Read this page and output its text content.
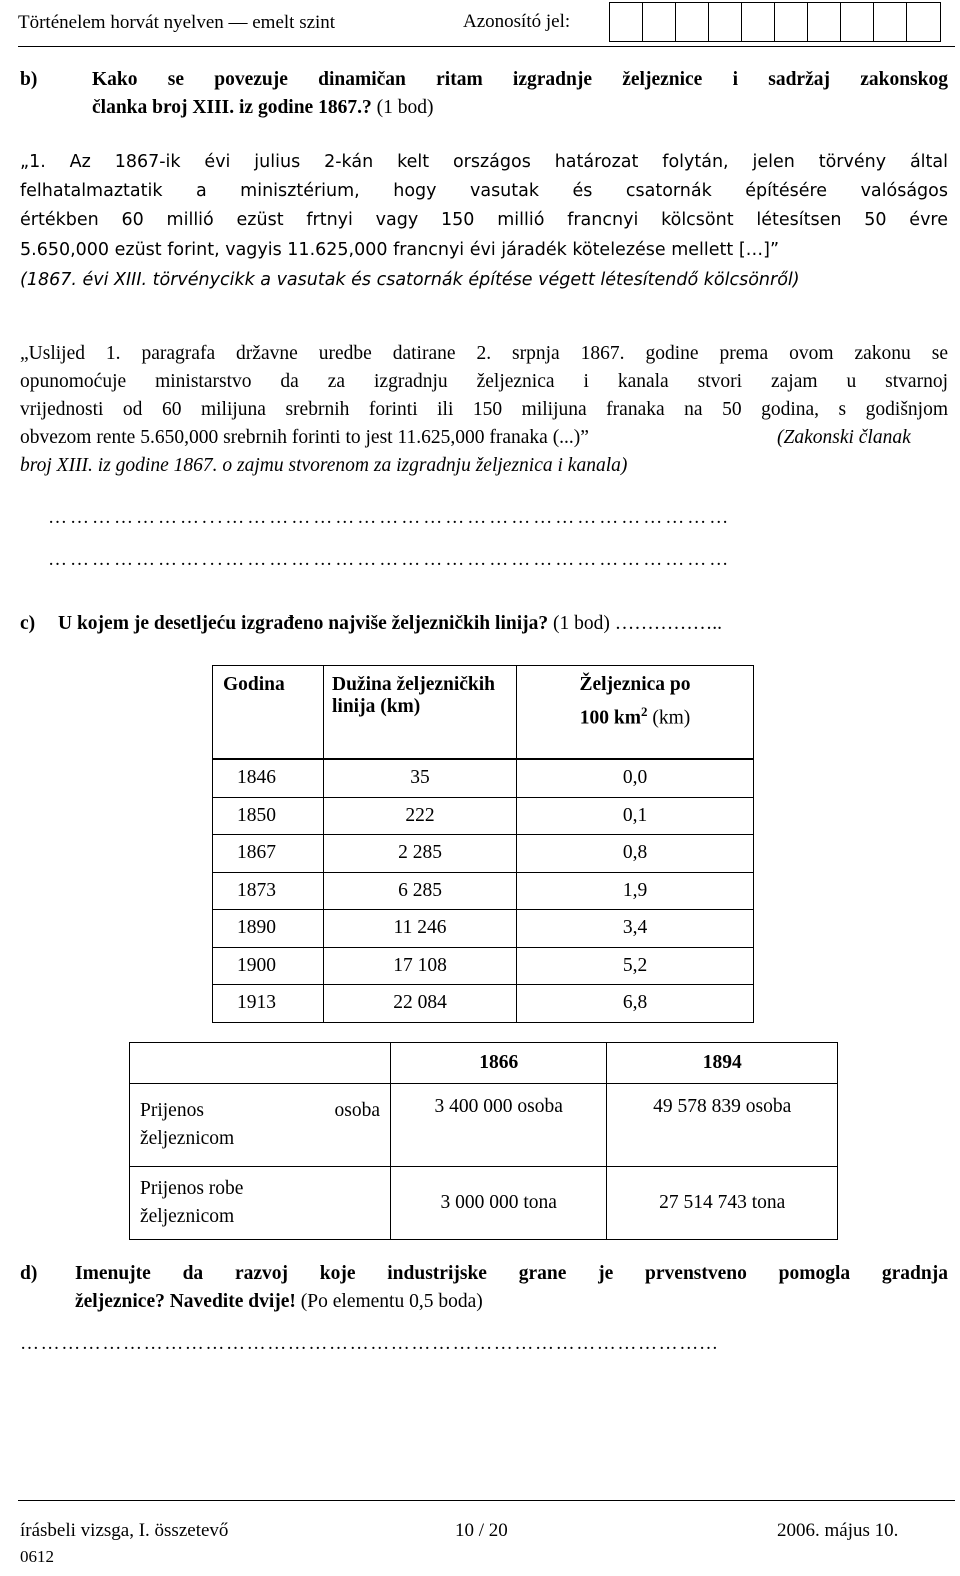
Történelem horvát nyelven — emelt szint	Azonosító jel:
b)	Kako se povezuje dinamičan ritam izgradnje željeznice i sadržaj zakonskog
članka broj XIII. iz godine 1867.? (1 bod)
„1. Az 1867-ik évi julius 2-kán kelt országos határozat folytán, jelen törvény által
felhatalmaztatik a minisztérium, hogy vasutak és csatornák építésére valóságos
értékben 60 millió ezüst frtnyi vagy 150 millió francnyi kölcsönt létesítsen 50 évre
5.650,000 ezüst forint, vagyis 11.625,000 francnyi évi járadék kötelezése mellett […]”
(1867. évi XIII. törvénycikk a vasutak és csatornák építése végett létesítendő kölcsönről)
„Uslijed 1. paragrafa državne uredbe datirane 2. srpnja 1867. godine prema ovom zakonu se
opunomoćuje ministarstvo da za izgradnju željeznica i kanala stvori zajam u stvarnoj
vrijednosti od 60 milijuna srebrnih forinti ili 150 milijuna franaka na 50 godina, s godišnjom
obvezom rente 5.650,000 srebrnih forinti to jest 11.625,000 franaka (...)”	(Zakonski članak
broj XIII. iz godine 1867. o zajmu stvorenom za izgradnju željeznica i kanala)
…………………...……………………………………………………………
…………………...……………………………………………………………
c) U kojem je desetljeću izgrađeno najviše željezničkih linija? (1 bod) ……………..
Godina	Dužina željezničkih linija (km)	Željeznica po
100 $km^2$ (km)

1846	35	0,0
1850	222	0,1
1867	2 285	0,8
1873	6 285	1,9
1890	11 246	3,4
1900	17 108	5,2
1913	22 084	6,8
	1866	1894

Prijenos osoba
željeznicom	3 400 000 osoba	49 578 839 osoba

Prijenos robe
željeznicom	3 000 000 tona	27 514 743 tona
d) Imenujte da razvoj koje industrijske grane je prvenstveno pomogla gradnja
željeznice? Navedite dvije! (Po elementu 0,5 boda)
………………………………………………………………………………………...
írásbeli vizsga, I. összetevő	10 / 20	2006. május 10.
0612
